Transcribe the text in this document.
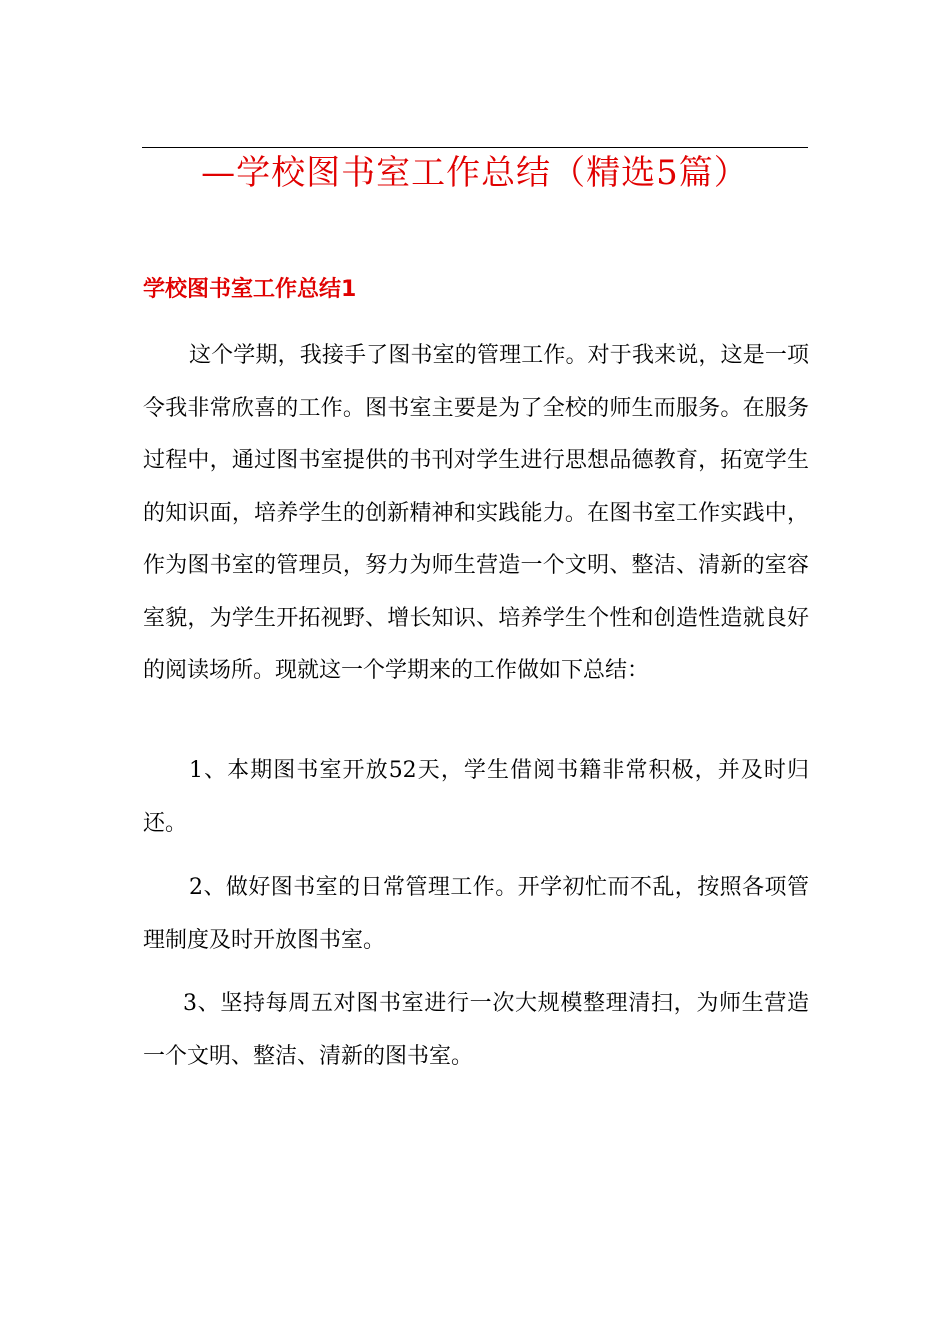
—学校图书室工作总结（精选5篇）
学校图书室工作总结1

这个学期，我接手了图书室的管理工作。对于我来说，这是一项令我非常欣喜的工作。图书室主要是为了全校的师生而服务。在服务过程中，通过图书室提供的书刊对学生进行思想品德教育，拓宽学生的知识面，培养学生的创新精神和实践能力。在图书室工作实践中，作为图书室的管理员，努力为师生营造一个文明、整洁、清新的室容室貌，为学生开拓视野、增长知识、培养学生个性和创造性造就良好的阅读场所。现就这一个学期来的工作做如下总结：

1、本期图书室开放52天，学生借阅书籍非常积极，并及时归还。

2、做好图书室的日常管理工作。开学初忙而不乱，按照各项管理制度及时开放图书室。

3、坚持每周五对图书室进行一次大规模整理清扫，为师生营造一个文明、整洁、清新的图书室。
